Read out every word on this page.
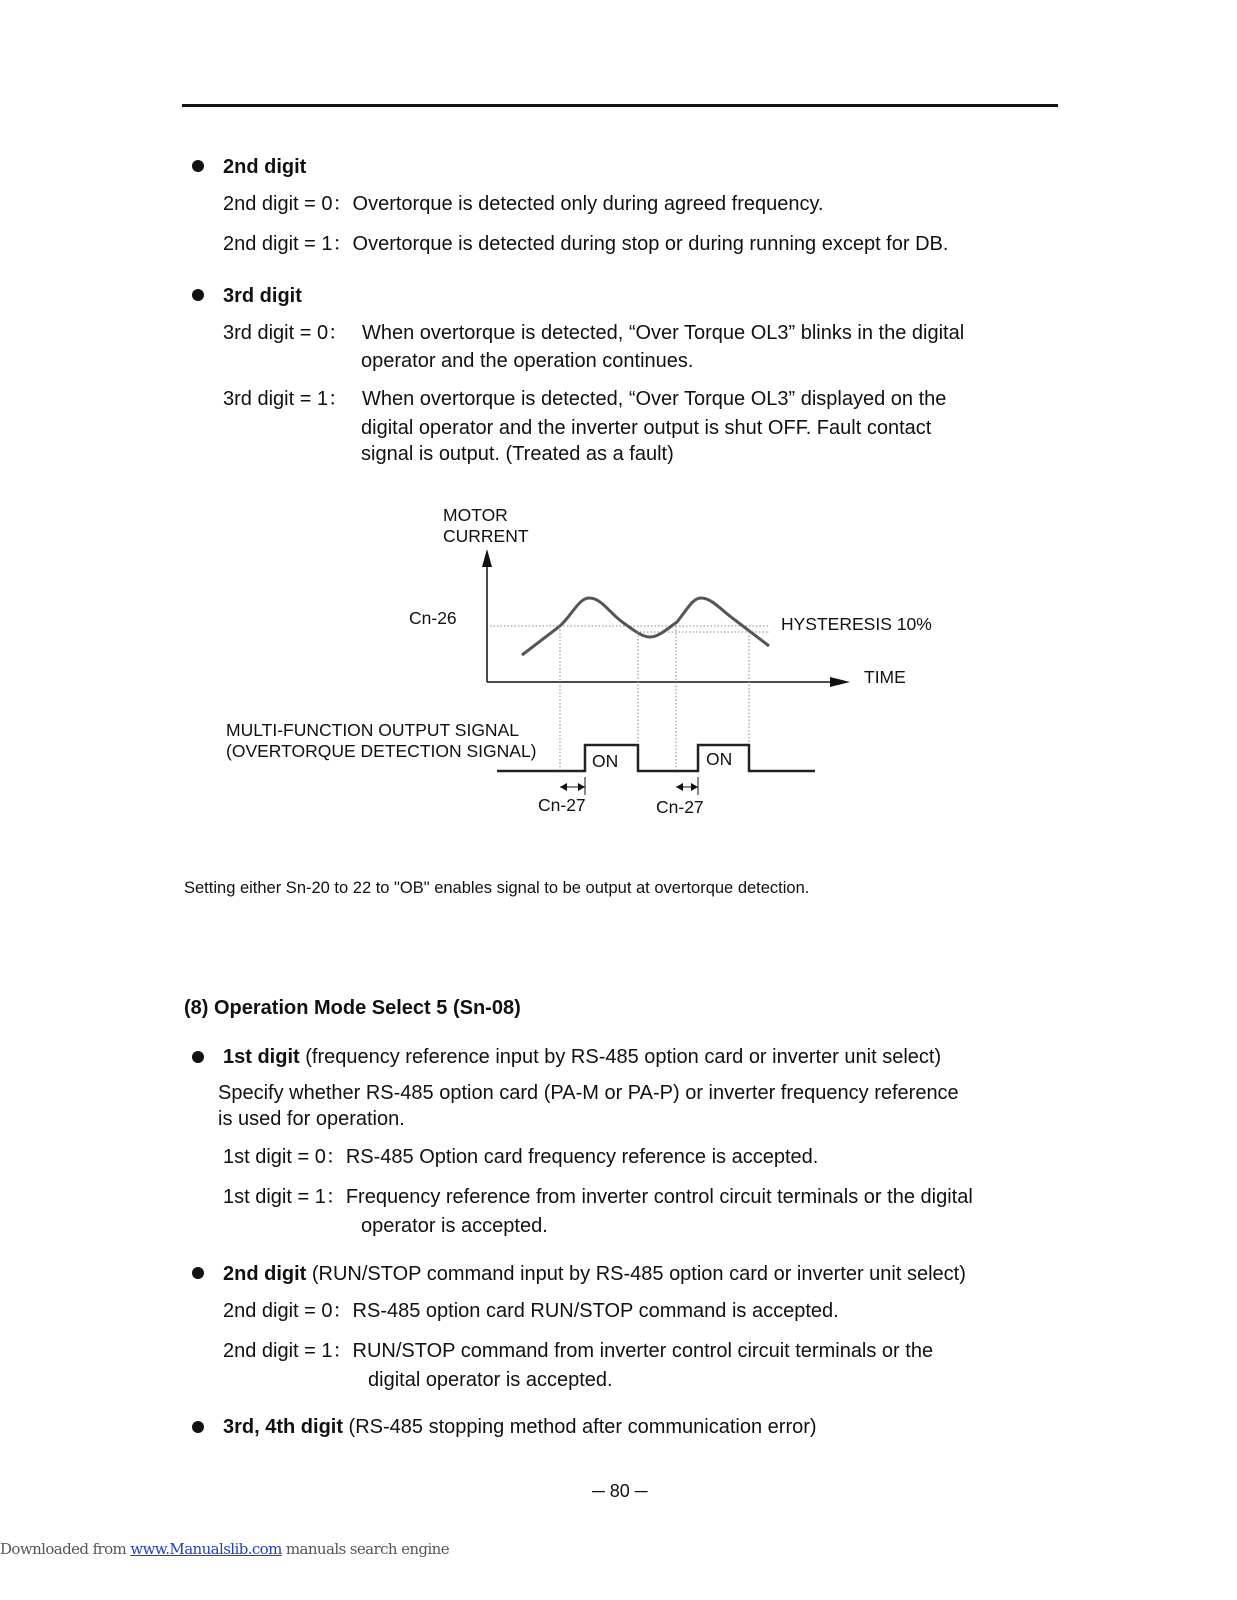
2nd digit
2nd digit = 0：Overtorque is detected only during agreed frequency.
2nd digit = 1：Overtorque is detected during stop or during running except for DB.
3rd digit
3rd digit = 0： When overtorque is detected, “Over Torque OL3” blinks in the digital
operator and the operation continues.
3rd digit = 1： When overtorque is detected, “Over Torque OL3” displayed on the
digital operator and the inverter output is shut OFF. Fault contact
signal is output. (Treated as a fault)
MOTOR
CURRENT
Cn-26	HYSTERESIS 10%
TIME
MULTI-FUNCTION OUTPUT SIGNAL
(OVERTORQUE DETECTION SIGNAL)	ON	ON
Cn-27	Cn-27
Setting either Sn-20 to 22 to "OB" enables signal to be output at overtorque detection.
(8) Operation Mode Select 5 (Sn-08)
1st digit (frequency reference input by RS-485 option card or inverter unit select)
Specify whether RS-485 option card (PA-M or PA-P) or inverter frequency reference
is used for operation.
1st digit = 0：RS-485 Option card frequency reference is accepted.
1st digit = 1：Frequency reference from inverter control circuit terminals or the digital
operator is accepted.
2nd digit (RUN/STOP command input by RS-485 option card or inverter unit select)
2nd digit = 0：RS-485 option card RUN/STOP command is accepted.
2nd digit = 1：RUN/STOP command from inverter control circuit terminals or the
digital operator is accepted.
3rd, 4th digit (RS-485 stopping method after communication error)
─ 80 ─
Downloaded from www.Manualslib.com manuals search engine
